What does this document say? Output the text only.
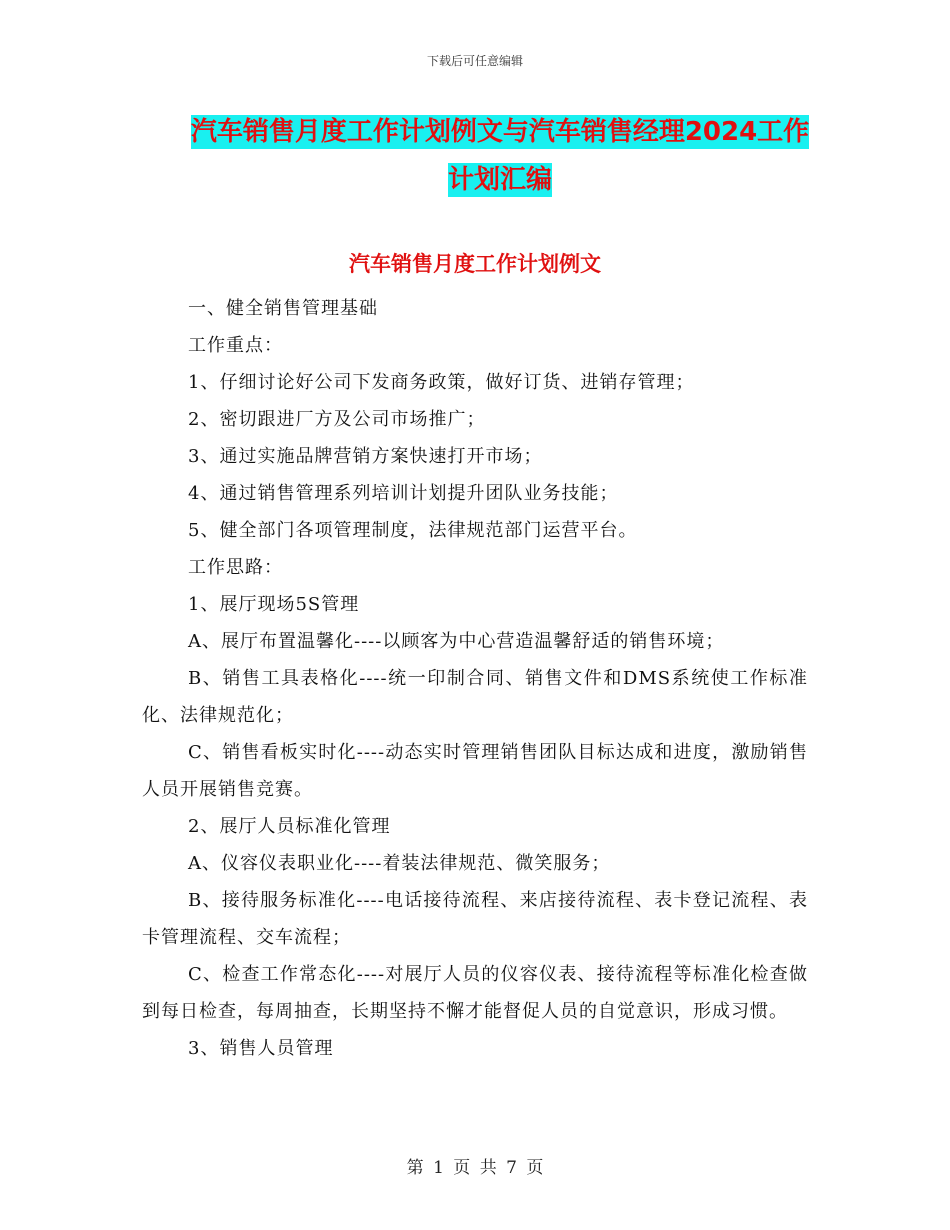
下载后可任意编辑
汽车销售月度工作计划例文与汽车销售经理2024工作
计划汇编
汽车销售月度工作计划例文

一、健全销售管理基础

工作重点：

1、仔细讨论好公司下发商务政策，做好订货、进销存管理；

2、密切跟进厂方及公司市场推广；

3、通过实施品牌营销方案快速打开市场；

4、通过销售管理系列培训计划提升团队业务技能；

5、健全部门各项管理制度，法律规范部门运营平台。

工作思路：

1、展厅现场5S管理

A、展厅布置温馨化----以顾客为中心营造温馨舒适的销售环境；

B、销售工具表格化----统一印制合同、销售文件和DMS系统使工作标准化、法律规范化；

C、销售看板实时化----动态实时管理销售团队目标达成和进度，激励销售人员开展销售竞赛。

2、展厅人员标准化管理

A、仪容仪表职业化----着装法律规范、微笑服务；

B、接待服务标准化----电话接待流程、来店接待流程、表卡登记流程、表卡管理流程、交车流程；

C、检查工作常态化----对展厅人员的仪容仪表、接待流程等标准化检查做到每日检查，每周抽查，长期坚持不懈才能督促人员的自觉意识，形成习惯。

3、销售人员管理

第 1 页 共 7 页
